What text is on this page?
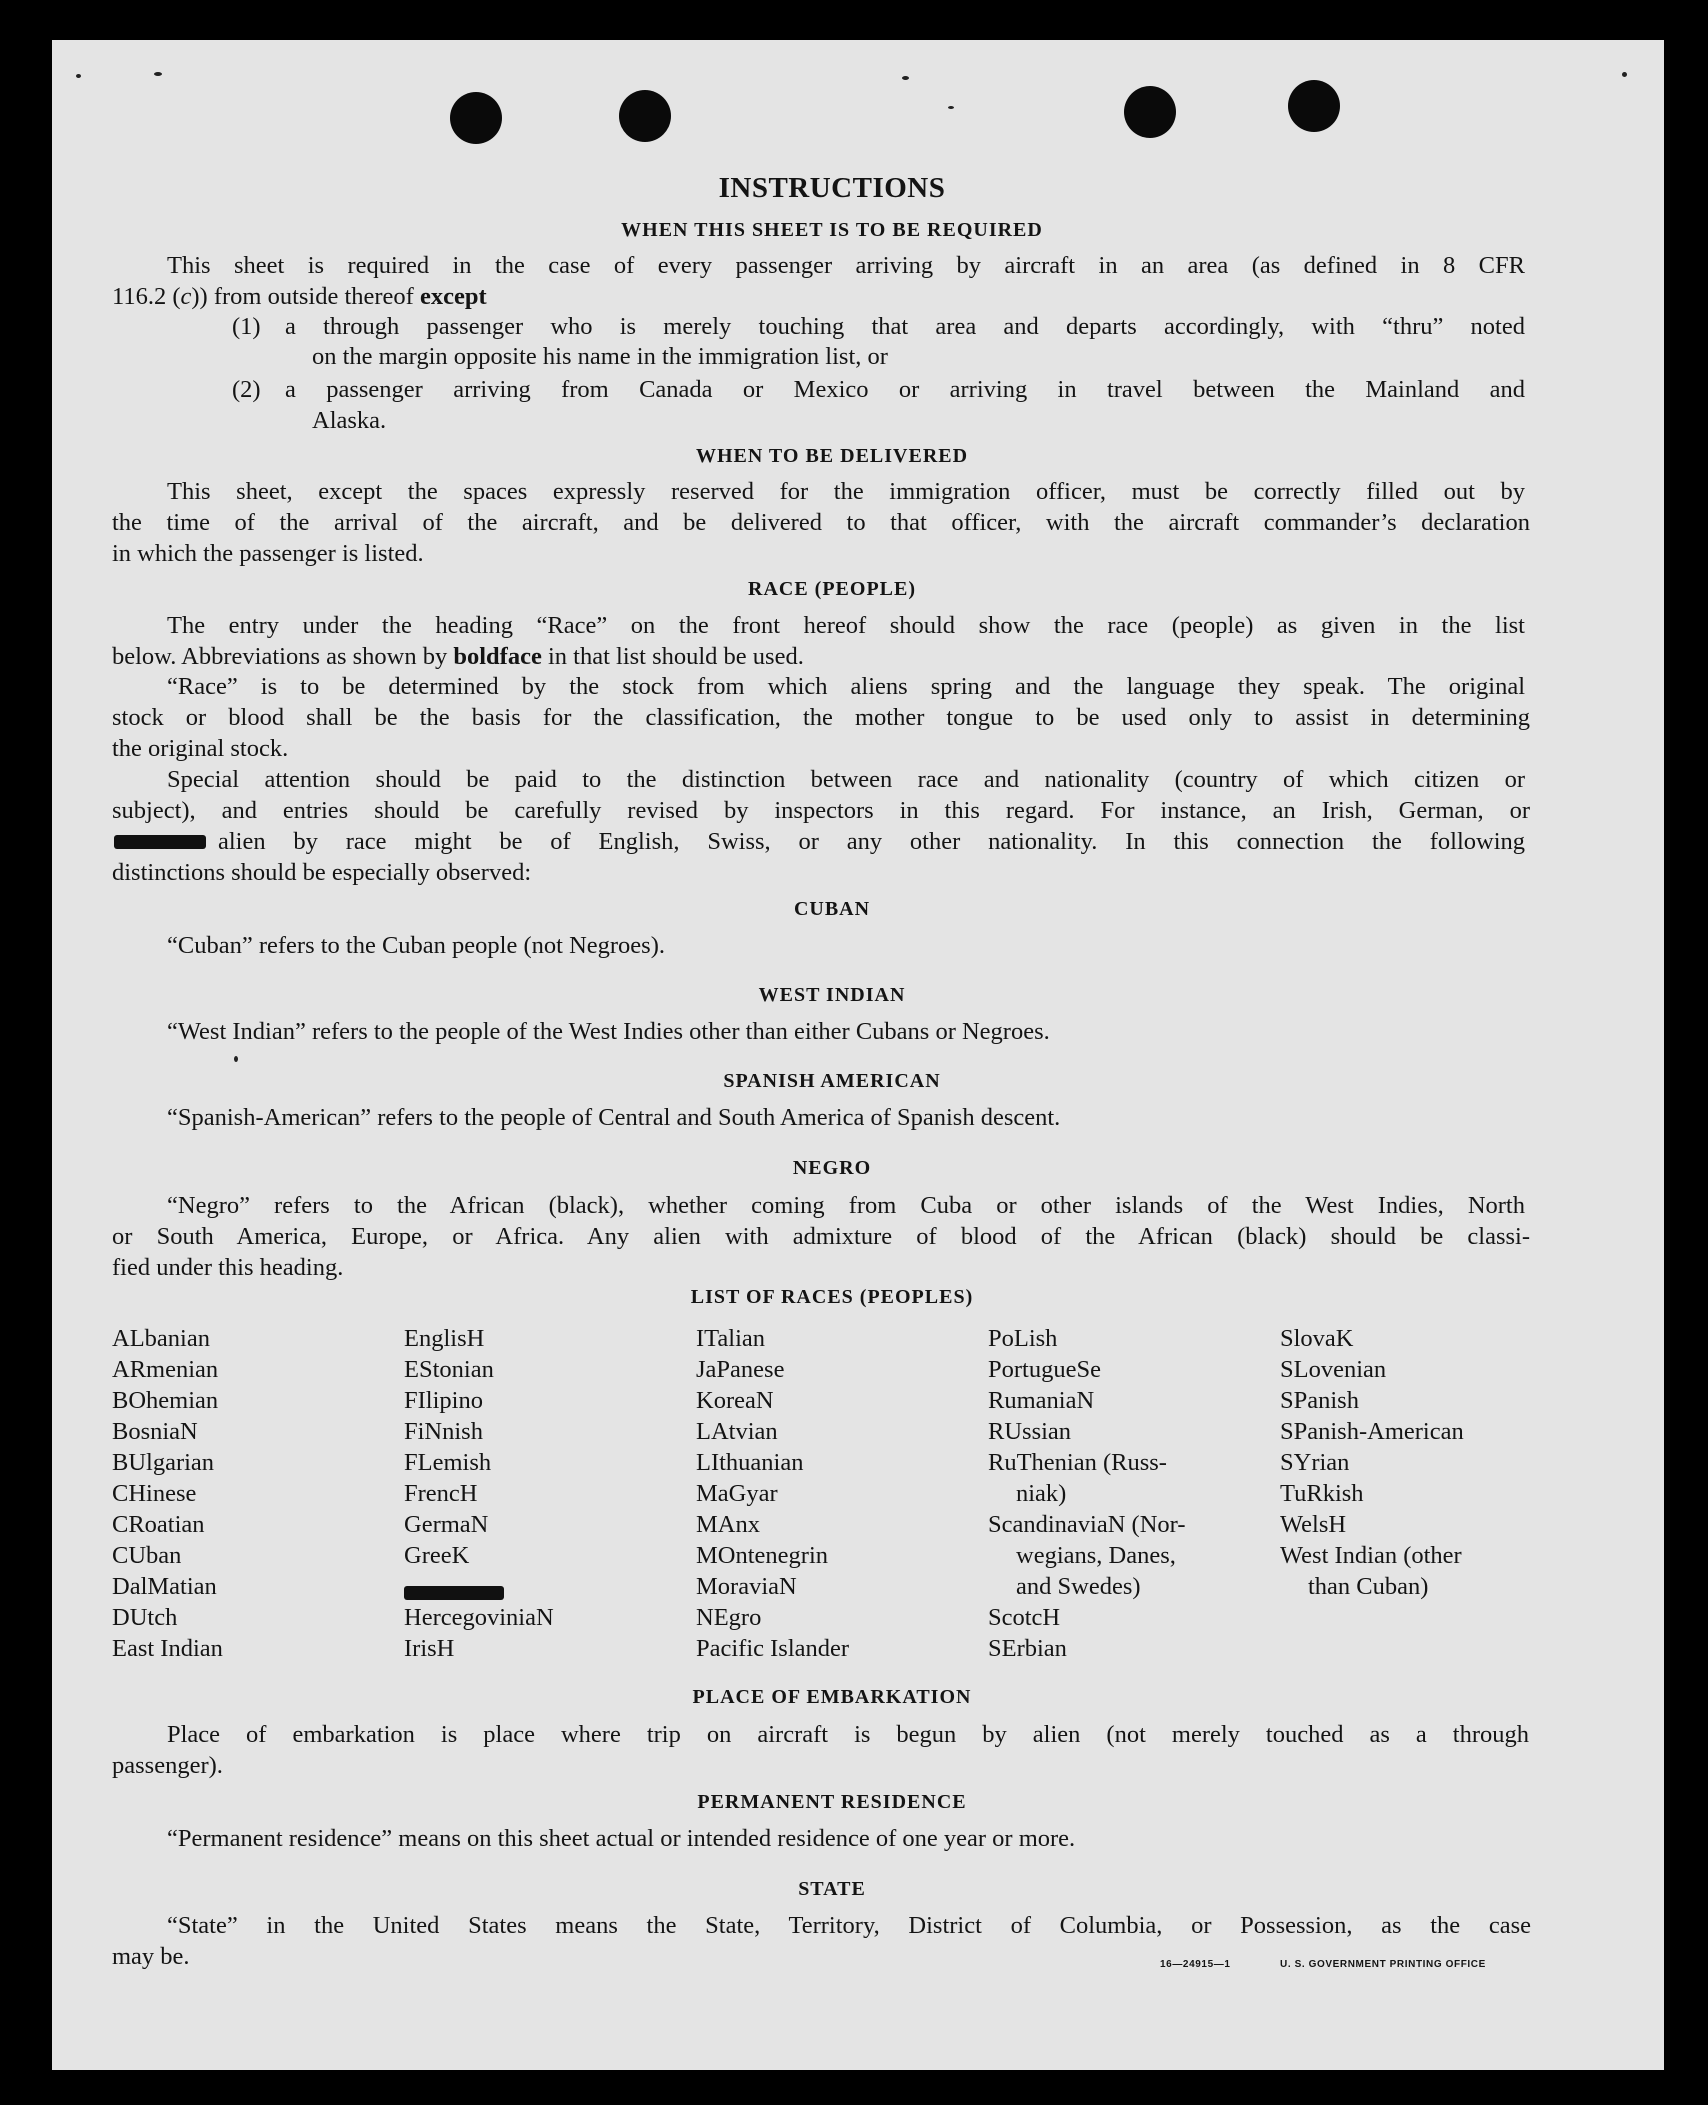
INSTRUCTIONS
WHEN THIS SHEET IS TO BE REQUIRED
This sheet is required in the case of every passenger arriving by aircraft in an area (as defined in 8 CFR
116.2 (c)) from outside thereof except
(1) a through passenger who is merely touching that area and departs accordingly, with “thru” noted
on the margin opposite his name in the immigration list, or
(2) a passenger arriving from Canada or Mexico or arriving in travel between the Mainland and
Alaska.
WHEN TO BE DELIVERED
This sheet, except the spaces expressly reserved for the immigration officer, must be correctly filled out by
the time of the arrival of the aircraft, and be delivered to that officer, with the aircraft commander’s declaration
in which the passenger is listed.
RACE (PEOPLE)
The entry under the heading “Race” on the front hereof should show the race (people) as given in the list
below. Abbreviations as shown by boldface in that list should be used.
“Race” is to be determined by the stock from which aliens spring and the language they speak. The original
stock or blood shall be the basis for the classification, the mother tongue to be used only to assist in determining
the original stock.
Special attention should be paid to the distinction between race and nationality (country of which citizen or
subject), and entries should be carefully revised by inspectors in this regard. For instance, an Irish, German, or
alien by race might be of English, Swiss, or any other nationality. In this connection the following
distinctions should be especially observed:
CUBAN
“Cuban” refers to the Cuban people (not Negroes).
WEST INDIAN
“West Indian” refers to the people of the West Indies other than either Cubans or Negroes.
SPANISH AMERICAN
“Spanish-American” refers to the people of Central and South America of Spanish descent.
NEGRO
“Negro” refers to the African (black), whether coming from Cuba or other islands of the West Indies, North
or South America, Europe, or Africa. Any alien with admixture of blood of the African (black) should be classi-
fied under this heading.
LIST OF RACES (PEOPLES)
ALbanian
ARmenian
BOhemian
BosniaN
BUlgarian
CHinese
CRoatian
CUban
DalMatian
DUtch
East Indian
EnglisH
EStonian
FIlipino
FiNnish
FLemish
FrencH
GermaN
GreeK
HercegoviniaN
IrisH
ITalian
JaPanese
KoreaN
LAtvian
LIthuanian
MaGyar
MAnx
MOntenegrin
MoraviaN
NEgro
Pacific Islander
PoLish
PortugueSe
RumaniaN
RUssian
RuThenian (Russ-
niak)
ScandinaviaN (Nor-
wegians, Danes,
and Swedes)
ScotcH
SErbian
SlovaK
SLovenian
SPanish
SPanish-American
SYrian
TuRkish
WelsH
West Indian (other
than Cuban)
PLACE OF EMBARKATION
Place of embarkation is place where trip on aircraft is begun by alien (not merely touched as a through
passenger).
PERMANENT RESIDENCE
“Permanent residence” means on this sheet actual or intended residence of one year or more.
STATE
“State” in the United States means the State, Territory, District of Columbia, or Possession, as the case
may be.	16—24915—1	U. S. GOVERNMENT PRINTING OFFICE
